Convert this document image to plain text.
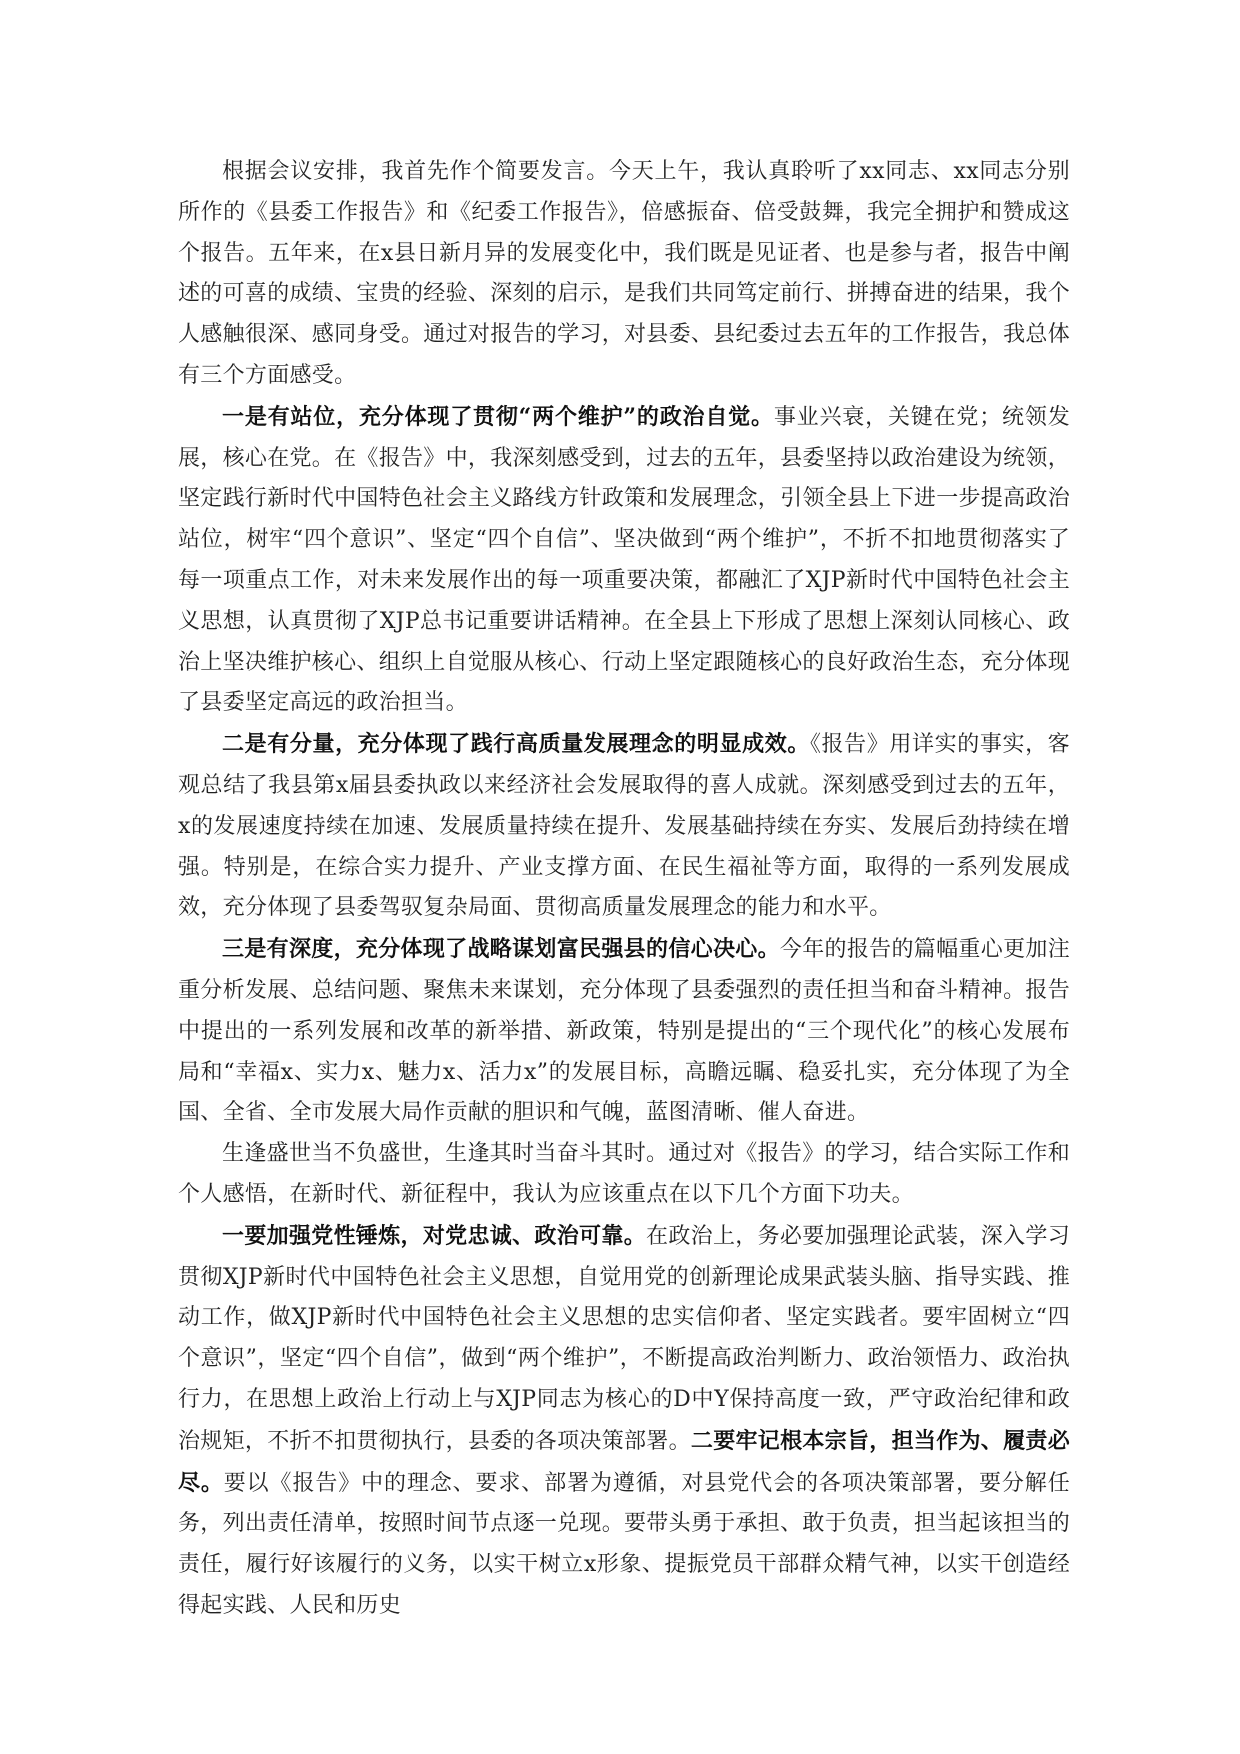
根据会议安排，我首先作个简要发言。今天上午，我认真聆听了xx同志、xx同志分别所作的《县委工作报告》和《纪委工作报告》，倍感振奋、倍受鼓舞，我完全拥护和赞成这个报告。五年来，在x县日新月异的发展变化中，我们既是见证者、也是参与者，报告中阐述的可喜的成绩、宝贵的经验、深刻的启示，是我们共同笃定前行、拼搏奋进的结果，我个人感触很深、感同身受。通过对报告的学习，对县委、县纪委过去五年的工作报告，我总体有三个方面感受。

一是有站位，充分体现了贯彻“两个维护”的政治自觉。事业兴衰，关键在党；统领发展，核心在党。在《报告》中，我深刻感受到，过去的五年，县委坚持以政治建设为统领，坚定践行新时代中国特色社会主义路线方针政策和发展理念，引领全县上下进一步提高政治站位，树牢“四个意识”、坚定“四个自信”、坚决做到“两个维护”，不折不扣地贯彻落实了每一项重点工作，对未来发展作出的每一项重要决策，都融汇了XJP新时代中国特色社会主义思想，认真贯彻了XJP总书记重要讲话精神。在全县上下形成了思想上深刻认同核心、政治上坚决维护核心、组织上自觉服从核心、行动上坚定跟随核心的良好政治生态，充分体现了县委坚定高远的政治担当。

二是有分量，充分体现了践行高质量发展理念的明显成效。《报告》用详实的事实，客观总结了我县第x届县委执政以来经济社会发展取得的喜人成就。深刻感受到过去的五年，x的发展速度持续在加速、发展质量持续在提升、发展基础持续在夯实、发展后劲持续在增强。特别是，在综合实力提升、产业支撑方面、在民生福祉等方面，取得的一系列发展成效，充分体现了县委驾驭复杂局面、贯彻高质量发展理念的能力和水平。

三是有深度，充分体现了战略谋划富民强县的信心决心。今年的报告的篇幅重心更加注重分析发展、总结问题、聚焦未来谋划，充分体现了县委强烈的责任担当和奋斗精神。报告中提出的一系列发展和改革的新举措、新政策，特别是提出的“三个现代化”的核心发展布局和“幸福x、实力x、魅力x、活力x”的发展目标，高瞻远瞩、稳妥扎实，充分体现了为全国、全省、全市发展大局作贡献的胆识和气魄，蓝图清晰、催人奋进。

生逢盛世当不负盛世，生逢其时当奋斗其时。通过对《报告》的学习，结合实际工作和个人感悟，在新时代、新征程中，我认为应该重点在以下几个方面下功夫。

一要加强党性锤炼，对党忠诚、政治可靠。在政治上，务必要加强理论武装，深入学习贯彻XJP新时代中国特色社会主义思想，自觉用党的创新理论成果武装头脑、指导实践、推动工作，做XJP新时代中国特色社会主义思想的忠实信仰者、坚定实践者。要牢固树立“四个意识”，坚定“四个自信”，做到“两个维护”，不断提高政治判断力、政治领悟力、政治执行力，在思想上政治上行动上与XJP同志为核心的D中Y保持高度一致，严守政治纪律和政治规矩，不折不扣贯彻执行，县委的各项决策部署。二要牢记根本宗旨，担当作为、履责必尽。要以《报告》中的理念、要求、部署为遵循，对县党代会的各项决策部署，要分解任务，列出责任清单，按照时间节点逐一兑现。要带头勇于承担、敢于负责，担当起该担当的责任，履行好该履行的义务，以实干树立x形象、提振党员干部群众精气神，以实干创造经得起实践、人民和历史
